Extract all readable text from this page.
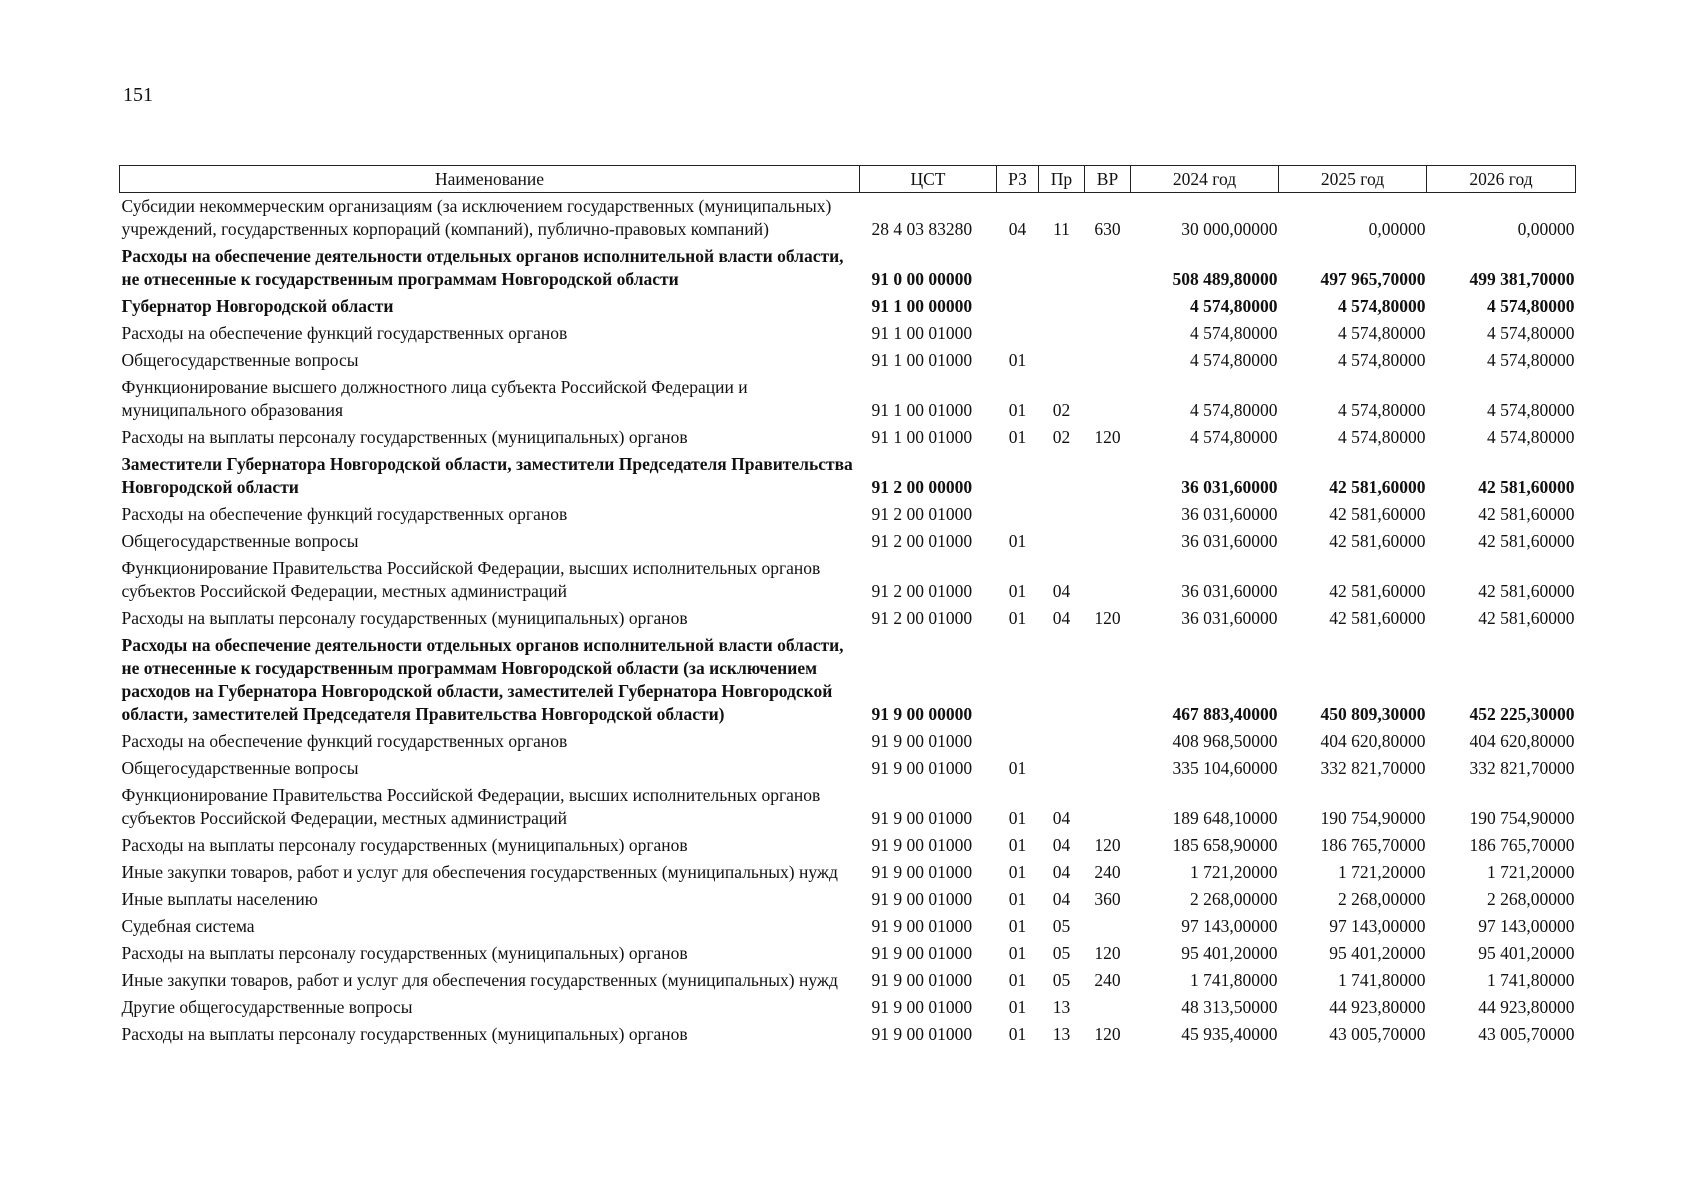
151
Наименование	ЦСТ	РЗ	Пр	ВР	2024 год	2025 год	2026 год
Субсидии некоммерческим организациям (за исключением государственных (муниципальных) учреждений, государственных корпораций (компаний), публично-правовых компаний)	28 4 03 83280	04	11	630	30 000,00000	0,00000	0,00000
Расходы на обеспечение деятельности отдельных органов исполнительной власти области, не отнесенные к государственным программам Новгородской области	91 0 00 00000				508 489,80000	497 965,70000	499 381,70000
Губернатор Новгородской области	91 1 00 00000				4 574,80000	4 574,80000	4 574,80000
Расходы на обеспечение функций государственных органов	91 1 00 01000				4 574,80000	4 574,80000	4 574,80000
Общегосударственные вопросы	91 1 00 01000	01			4 574,80000	4 574,80000	4 574,80000
Функционирование высшего должностного лица субъекта Российской Федерации и муниципального образования	91 1 00 01000	01	02		4 574,80000	4 574,80000	4 574,80000
Расходы на выплаты персоналу государственных (муниципальных) органов	91 1 00 01000	01	02	120	4 574,80000	4 574,80000	4 574,80000
Заместители Губернатора Новгородской области, заместители Председателя Правительства Новгородской области	91 2 00 00000				36 031,60000	42 581,60000	42 581,60000
Расходы на обеспечение функций государственных органов	91 2 00 01000				36 031,60000	42 581,60000	42 581,60000
Общегосударственные вопросы	91 2 00 01000	01			36 031,60000	42 581,60000	42 581,60000
Функционирование Правительства Российской Федерации, высших исполнительных органов субъектов Российской Федерации, местных администраций	91 2 00 01000	01	04		36 031,60000	42 581,60000	42 581,60000
Расходы на выплаты персоналу государственных (муниципальных) органов	91 2 00 01000	01	04	120	36 031,60000	42 581,60000	42 581,60000
Расходы на обеспечение деятельности отдельных органов исполнительной власти области, не отнесенные к государственным программам Новгородской области (за исключением расходов на Губернатора Новгородской области, заместителей Губернатора Новгородской области, заместителей Председателя Правительства Новгородской области)	91 9 00 00000				467 883,40000	450 809,30000	452 225,30000
Расходы на обеспечение функций государственных органов	91 9 00 01000				408 968,50000	404 620,80000	404 620,80000
Общегосударственные вопросы	91 9 00 01000	01			335 104,60000	332 821,70000	332 821,70000
Функционирование Правительства Российской Федерации, высших исполнительных органов субъектов Российской Федерации, местных администраций	91 9 00 01000	01	04		189 648,10000	190 754,90000	190 754,90000
Расходы на выплаты персоналу государственных (муниципальных) органов	91 9 00 01000	01	04	120	185 658,90000	186 765,70000	186 765,70000
Иные закупки товаров, работ и услуг для обеспечения государственных (муниципальных) нужд	91 9 00 01000	01	04	240	1 721,20000	1 721,20000	1 721,20000
Иные выплаты населению	91 9 00 01000	01	04	360	2 268,00000	2 268,00000	2 268,00000
Судебная система	91 9 00 01000	01	05		97 143,00000	97 143,00000	97 143,00000
Расходы на выплаты персоналу государственных (муниципальных) органов	91 9 00 01000	01	05	120	95 401,20000	95 401,20000	95 401,20000
Иные закупки товаров, работ и услуг для обеспечения государственных (муниципальных) нужд	91 9 00 01000	01	05	240	1 741,80000	1 741,80000	1 741,80000
Другие общегосударственные вопросы	91 9 00 01000	01	13		48 313,50000	44 923,80000	44 923,80000
Расходы на выплаты персоналу государственных (муниципальных) органов	91 9 00 01000	01	13	120	45 935,40000	43 005,70000	43 005,70000
